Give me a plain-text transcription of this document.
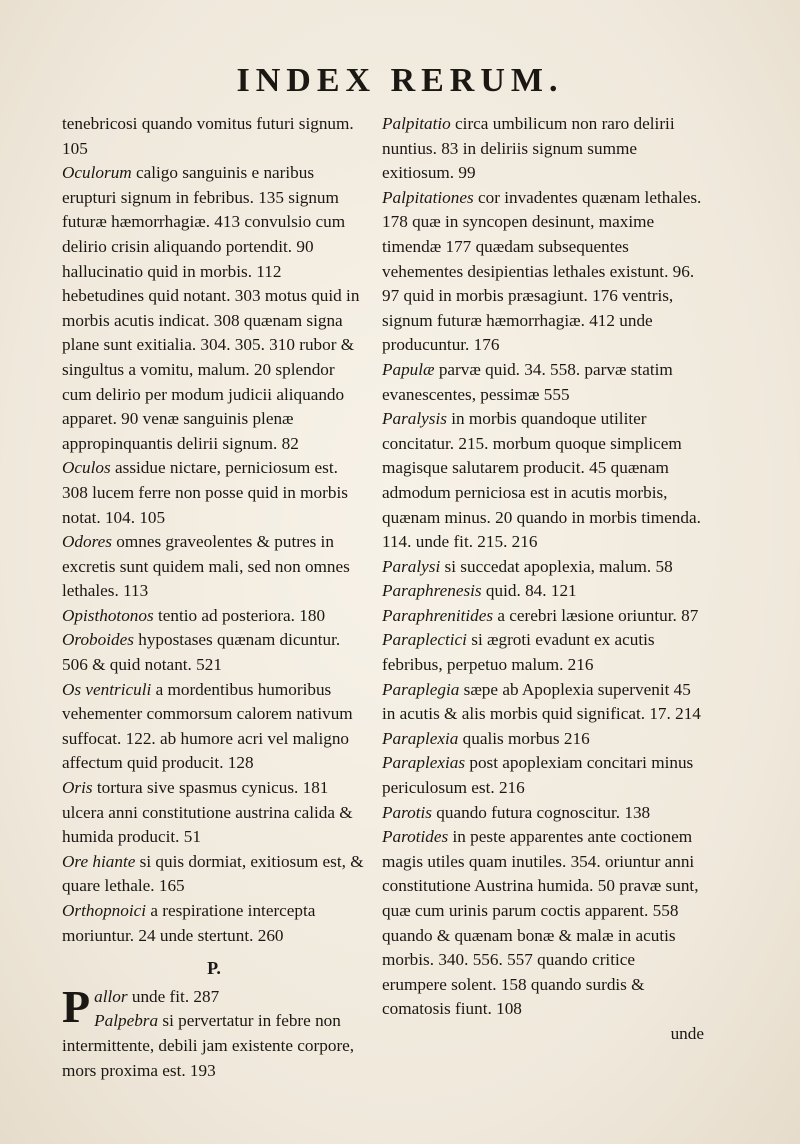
INDEX RERUM.

tenebricosi quando vomitus futuri signum. 105

Oculorum caligo sanguinis e naribus erupturi signum in febribus. 135 signum futuræ hæmorrhagiæ. 413 convulsio cum delirio crisin aliquando portendit. 90 hallucinatio quid in morbis. 112 hebetudines quid notant. 303 motus quid in morbis acutis indicat. 308 quænam signa plane sunt exitialia. 304. 305. 310 rubor & singultus a vomitu, malum. 20 splendor cum delirio per modum judicii aliquando apparet. 90 venæ sanguinis plenæ appropinquantis delirii signum. 82

Oculos assidue nictare, perniciosum est. 308 lucem ferre non posse quid in morbis notat. 104. 105

Odores omnes graveolentes & putres in excretis sunt quidem mali, sed non omnes lethales. 113

Opisthotonos tentio ad posteriora. 180

Oroboides hypostases quænam dicuntur. 506 & quid notant. 521

Os ventriculi a mordentibus humoribus vehementer commorsum calorem nativum suffocat. 122. ab humore acri vel maligno affectum quid producit. 128

Oris tortura sive spasmus cynicus. 181 ulcera anni constitutione austrina calida & humida producit. 51

Ore hiante si quis dormiat, exitiosum est, & quare lethale. 165

Orthopnoici a respiratione intercepta moriuntur. 24 unde stertunt. 260

P.

Pallor unde fit. 287

Palpebra si pervertatur in febre non intermittente, debili jam existente corpore, mors proxima est. 193

Palpitatio circa umbilicum non raro delirii nuntius. 83 in deliriis signum summe exitiosum. 99

Palpitationes cor invadentes quænam lethales. 178 quæ in syncopen desinunt, maxime timendæ 177 quædam subsequentes vehementes desipientias lethales existunt. 96. 97 quid in morbis præsagiunt. 176 ventris, signum futuræ hæmorrhagiæ. 412 unde producuntur. 176

Papulæ parvæ quid. 34. 558. parvæ statim evanescentes, pessimæ 555

Paralysis in morbis quandoque utiliter concitatur. 215. morbum quoque simplicem magisque salutarem producit. 45 quænam admodum perniciosa est in acutis morbis, quænam minus. 20 quando in morbis timenda. 114. unde fit. 215. 216

Paralysi si succedat apoplexia, malum. 58

Paraphrenesis quid. 84. 121

Paraphrenitides a cerebri læsione oriuntur. 87

Paraplectici si ægroti evadunt ex acutis febribus, perpetuo malum. 216

Paraplegia sæpe ab Apoplexia supervenit 45 in acutis & alis morbis quid significat. 17. 214

Paraplexia qualis morbus 216

Paraplexias post apoplexiam concitari minus periculosum est. 216

Parotis quando futura cognoscitur. 138

Parotides in peste apparentes ante coctionem magis utiles quam inutiles. 354. oriuntur anni constitutione Austrina humida. 50 pravæ sunt, quæ cum urinis parum coctis apparent. 558 quando & quænam bonæ & malæ in acutis morbis. 340. 556. 557 quando critice erumpere solent. 158 quando surdis & comatosis fiunt. 108

unde
